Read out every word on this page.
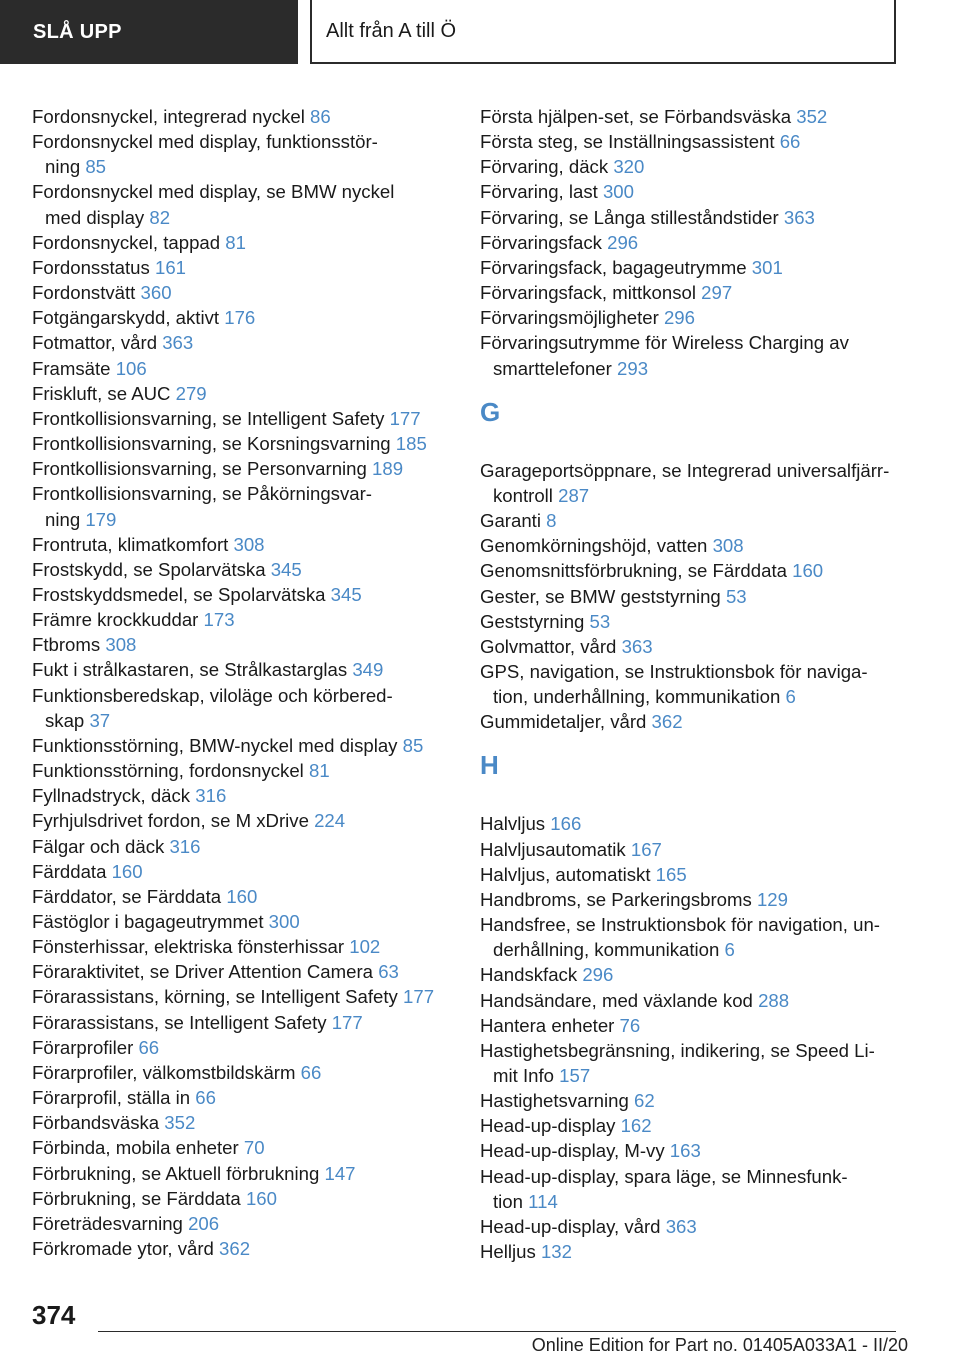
SLÅ UPP	Allt från A till Ö
Fordonsnyckel, integrerad nyckel 86
Fordonsnyckel med display, funktionsstör-
ning 85
Fordonsnyckel med display, se BMW nyckel
med display 82
Fordonsnyckel, tappad 81
Fordonsstatus 161
Fordonstvätt 360
Fotgängarskydd, aktivt 176
Fotmattor, vård 363
Framsäte 106
Friskluft, se AUC 279
Frontkollisionsvarning, se Intelligent Safety 177
Frontkollisionsvarning, se Korsningsvarning 185
Frontkollisionsvarning, se Personvarning 189
Frontkollisionsvarning, se Påkörningsvar-
ning 179
Frontruta, klimatkomfort 308
Frostskydd, se Spolarvätska 345
Frostskyddsmedel, se Spolarvätska 345
Främre krockkuddar 173
Ftbroms 308
Fukt i strålkastaren, se Strålkastarglas 349
Funktionsberedskap, viloläge och körbered-
skap 37
Funktionsstörning, BMW-nyckel med display 85
Funktionsstörning, fordonsnyckel 81
Fyllnadstryck, däck 316
Fyrhjulsdrivet fordon, se M xDrive 224
Fälgar och däck 316
Färddata 160
Färddator, se Färddata 160
Fästöglor i bagageutrymmet 300
Fönsterhissar, elektriska fönsterhissar 102
Föraraktivitet, se Driver Attention Camera 63
Förarassistans, körning, se Intelligent Safety 177
Förarassistans, se Intelligent Safety 177
Förarprofiler 66
Förarprofiler, välkomstbildskärm 66
Förarprofil, ställa in 66
Förbandsväska 352
Förbinda, mobila enheter 70
Förbrukning, se Aktuell förbrukning 147
Förbrukning, se Färddata 160
Företrädesvarning 206
Förkromade ytor, vård 362
Första hjälpen-set, se Förbandsväska 352
Första steg, se Inställningsassistent 66
Förvaring, däck 320
Förvaring, last 300
Förvaring, se Långa stilleståndstider 363
Förvaringsfack 296
Förvaringsfack, bagageutrymme 301
Förvaringsfack, mittkonsol 297
Förvaringsmöjligheter 296
Förvaringsutrymme för Wireless Charging av
smarttelefoner 293
G
Garageportsöppnare, se Integrerad universalfjärr-
kontroll 287
Garanti 8
Genomkörningshöjd, vatten 308
Genomsnittsförbrukning, se Färddata 160
Gester, se BMW geststyrning 53
Geststyrning 53
Golvmattor, vård 363
GPS, navigation, se Instruktionsbok för naviga-
tion, underhållning, kommunikation 6
Gummidetaljer, vård 362
H
Halvljus 166
Halvljusautomatik 167
Halvljus, automatiskt 165
Handbroms, se Parkeringsbroms 129
Handsfree, se Instruktionsbok för navigation, un-
derhållning, kommunikation 6
Handskfack 296
Handsändare, med växlande kod 288
Hantera enheter 76
Hastighetsbegränsning, indikering, se Speed Li-
mit Info 157
Hastighetsvarning 62
Head-up-display 162
Head-up-display, M-vy 163
Head-up-display, spara läge, se Minnesfunk-
tion 114
Head-up-display, vård 363
Helljus 132
374
Online Edition for Part no. 01405A033A1 - II/20
